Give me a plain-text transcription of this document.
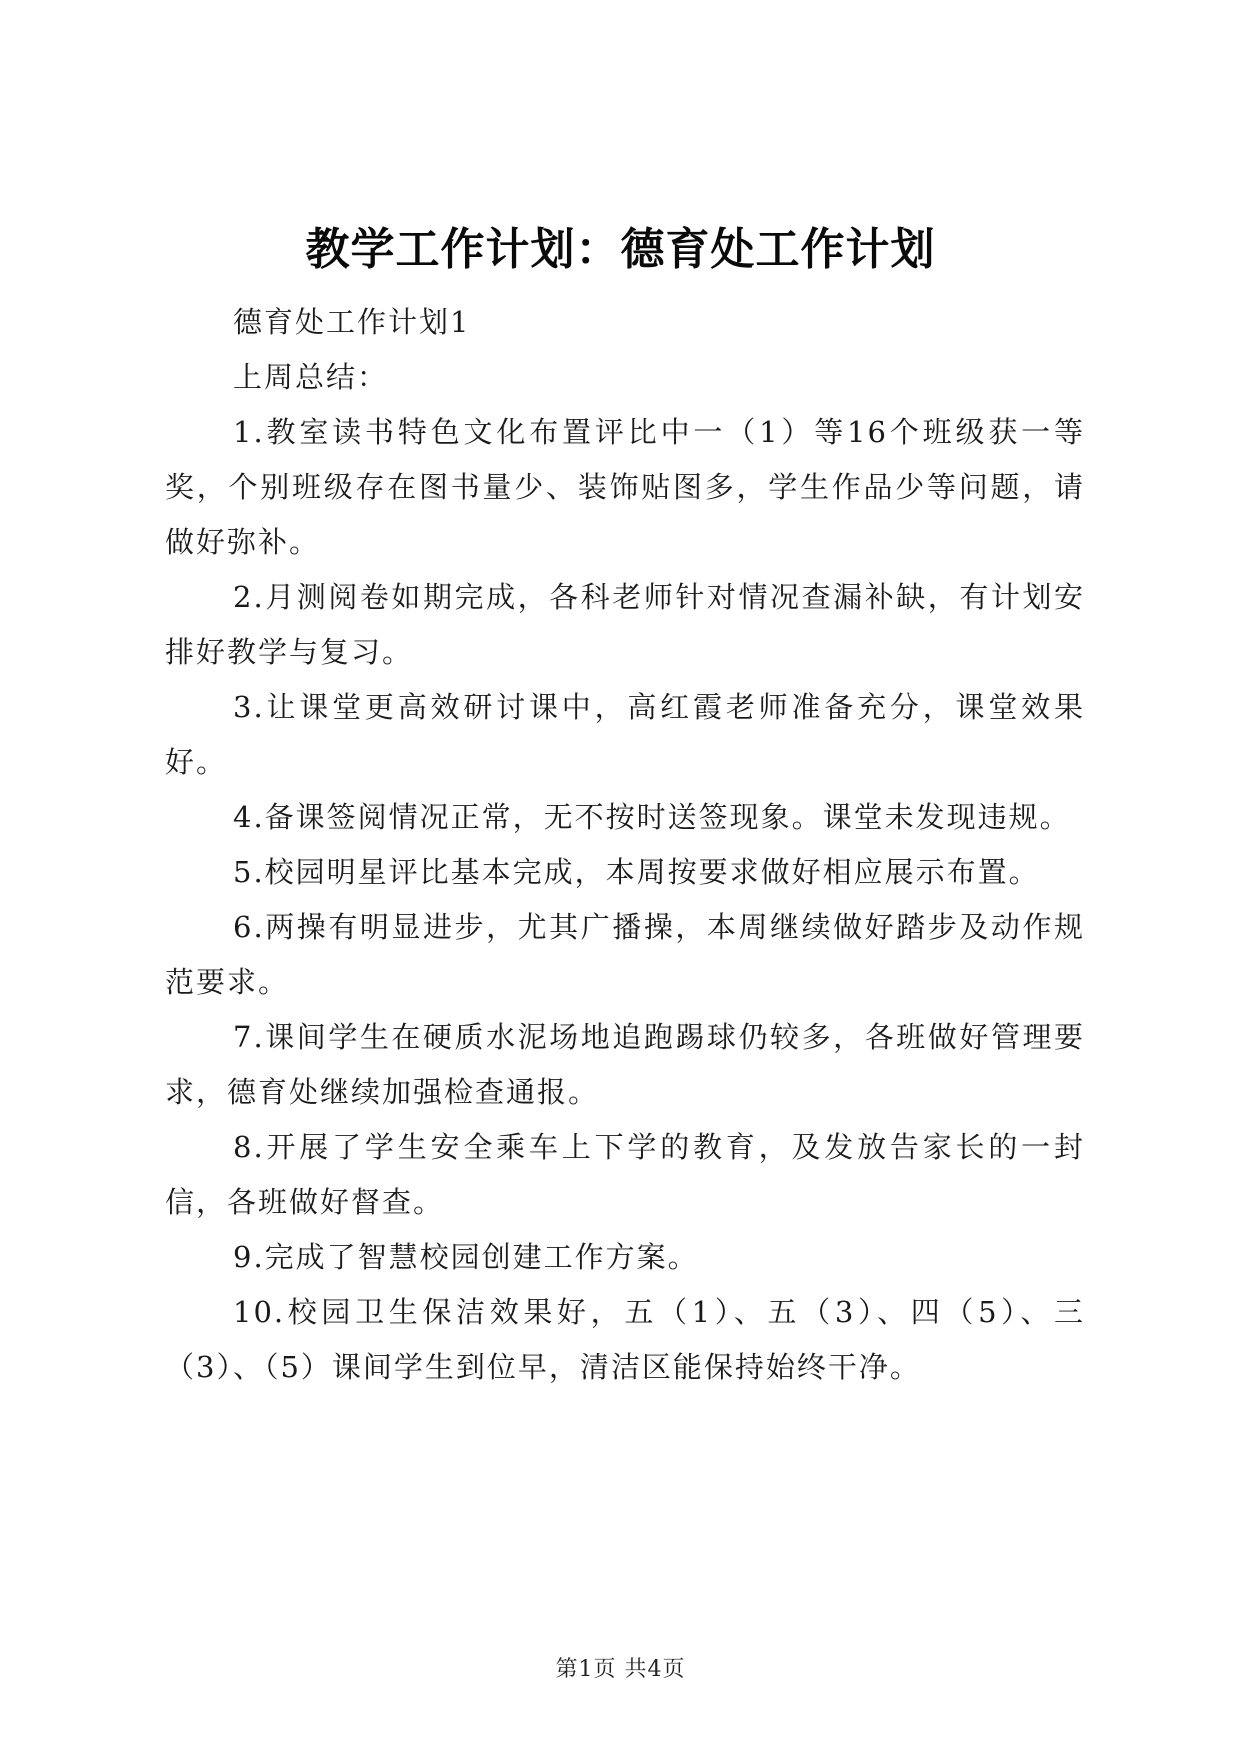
教学工作计划：德育处工作计划

德育处工作计划1

上周总结：

1.教室读书特色文化布置评比中一（1）等16个班级获一等奖，个别班级存在图书量少、装饰贴图多，学生作品少等问题，请做好弥补。

2.月测阅卷如期完成，各科老师针对情况查漏补缺，有计划安排好教学与复习。

3.让课堂更高效研讨课中，高红霞老师准备充分，课堂效果好。

4.备课签阅情况正常，无不按时送签现象。课堂未发现违规。

5.校园明星评比基本完成，本周按要求做好相应展示布置。

6.两操有明显进步，尤其广播操，本周继续做好踏步及动作规范要求。

7.课间学生在硬质水泥场地追跑踢球仍较多，各班做好管理要求，德育处继续加强检查通报。

8.开展了学生安全乘车上下学的教育，及发放告家长的一封信，各班做好督查。

9.完成了智慧校园创建工作方案。

10.校园卫生保洁效果好，五（1）、五（3）、四（5）、三（3）、（5）课间学生到位早，清洁区能保持始终干净。

第1页 共4页
